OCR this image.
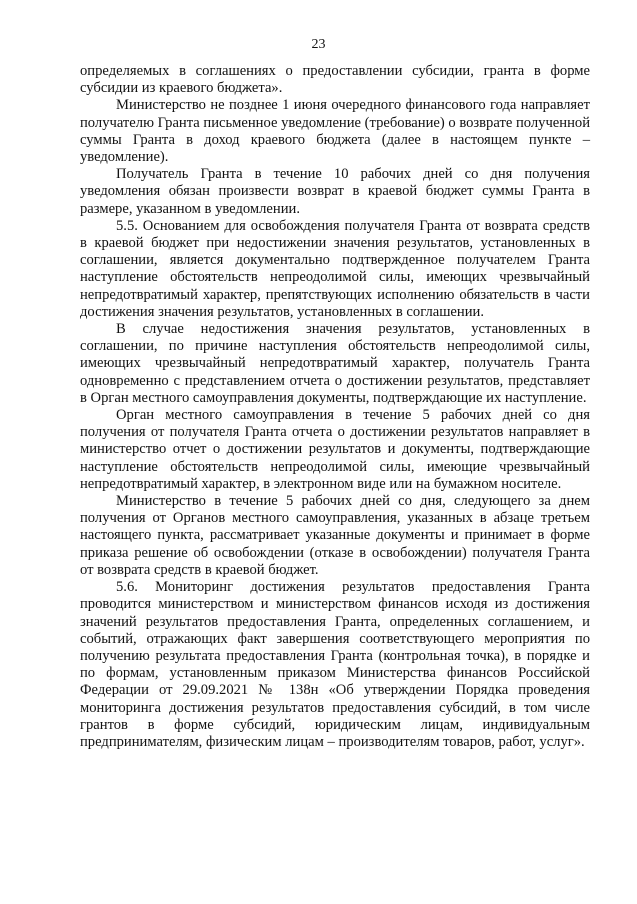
23

определяемых в соглашениях о предоставлении субсидии, гранта в форме субсидии из краевого бюджета».

Министерство не позднее 1 июня очередного финансового года направляет получателю Гранта письменное уведомление (требование) о возврате полученной суммы Гранта в доход краевого бюджета (далее в настоящем пункте – уведомление).

Получатель Гранта в течение 10 рабочих дней со дня получения уведомления обязан произвести возврат в краевой бюджет суммы Гранта в размере, указанном в уведомлении.

5.5. Основанием для освобождения получателя Гранта от возврата средств в краевой бюджет при недостижении значения результатов, установленных в соглашении, является документально подтвержденное получателем Гранта наступление обстоятельств непреодолимой силы, имеющих чрезвычайный непредотвратимый характер, препятствующих исполнению обязательств в части достижения значения результатов, установленных в соглашении.

В случае недостижения значения результатов, установленных в соглашении, по причине наступления обстоятельств непреодолимой силы, имеющих чрезвычайный непредотвратимый характер, получатель Гранта одновременно с представлением отчета о достижении результатов, представляет в Орган местного самоуправления документы, подтверждающие их наступление.

Орган местного самоуправления в течение 5 рабочих дней со дня получения от получателя Гранта отчета о достижении результатов направляет в министерство отчет о достижении результатов и документы, подтверждающие наступление обстоятельств непреодолимой силы, имеющие чрезвычайный непредотвратимый характер, в электронном виде или на бумажном носителе.

Министерство в течение 5 рабочих дней со дня, следующего за днем получения от Органов местного самоуправления, указанных в абзаце третьем настоящего пункта, рассматривает указанные документы и принимает в форме приказа решение об освобождении (отказе в освобождении) получателя Гранта от возврата средств в краевой бюджет.

5.6. Мониторинг достижения результатов предоставления Гранта проводится министерством и министерством финансов исходя из достижения значений результатов предоставления Гранта, определенных соглашением, и событий, отражающих факт завершения соответствующего мероприятия по получению результата предоставления Гранта (контрольная точка), в порядке и по формам, установленным приказом Министерства финансов Российской Федерации от 29.09.2021 № 138н «Об утверждении Порядка проведения мониторинга достижения результатов предоставления субсидий, в том числе грантов в форме субсидий, юридическим лицам, индивидуальным предпринимателям, физическим лицам – производителям товаров, работ, услуг».
